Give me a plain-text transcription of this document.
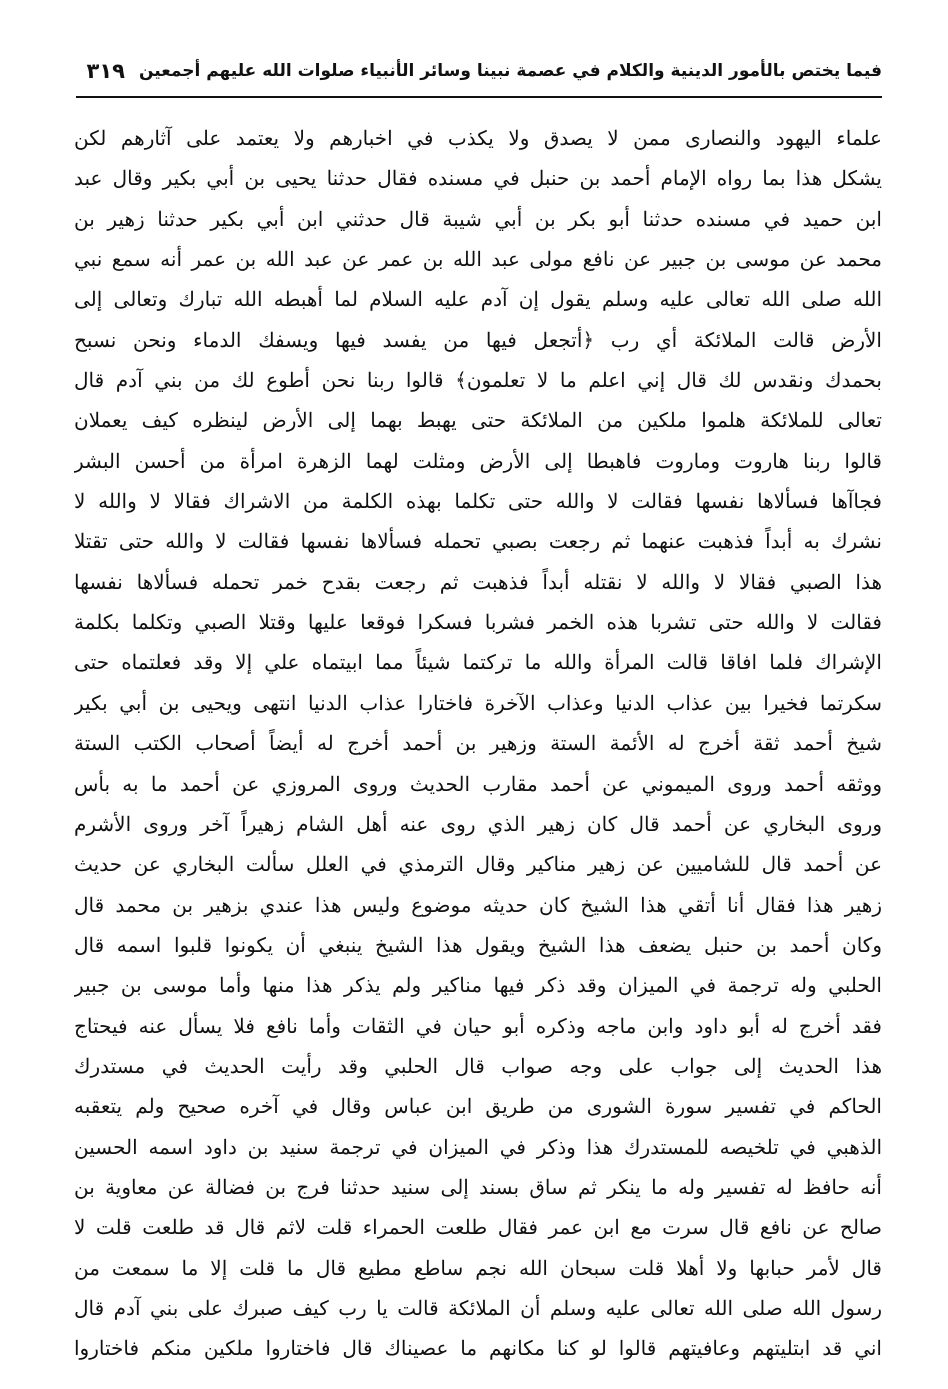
فيما يختص بالأمور الدينية والكلام في عصمة نبينا وسائر الأنبياء صلوات الله عليهم أجمعين
٣١٩
علماء اليهود والنصارى ممن لا يصدق ولا يكذب في اخبارهم ولا يعتمد على آثارهم لكن
يشكل هذا بما رواه الإمام أحمد بن حنبل في مسنده فقال حدثنا يحيى بن أبي بكير وقال عبد
ابن حميد في مسنده حدثنا أبو بكر بن أبي شيبة قال حدثني ابن أبي بكير حدثنا زهير بن
محمد عن موسى بن جبير عن نافع مولى عبد الله بن عمر عن عبد الله بن عمر أنه سمع نبي
الله صلى الله تعالى عليه وسلم يقول إن آدم عليه السلام لما أهبطه الله تبارك وتعالى إلى
الأرض قالت الملائكة أي رب ﴿أتجعل فيها من يفسد فيها ويسفك الدماء ونحن نسبح
بحمدك ونقدس لك قال إني اعلم ما لا تعلمون﴾ قالوا ربنا نحن أطوع لك من بني آدم قال
تعالى للملائكة هلموا ملكين من الملائكة حتى يهبط بهما إلى الأرض لينظره كيف يعملان
قالوا ربنا هاروت وماروت فاهبطا إلى الأرض ومثلت لهما الزهرة امرأة من أحسن البشر
فجاآها فسألاها نفسها فقالت لا والله حتى تكلما بهذه الكلمة من الاشراك فقالا لا والله لا
نشرك به أبداً فذهبت عنهما ثم رجعت بصبي تحمله فسألاها نفسها فقالت لا والله حتى تقتلا
هذا الصبي فقالا لا والله لا نقتله أبداً فذهبت ثم رجعت بقدح خمر تحمله فسألاها نفسها
فقالت لا والله حتى تشربا هذه الخمر فشربا فسكرا فوقعا عليها وقتلا الصبي وتكلما بكلمة
الإشراك فلما افاقا قالت المرأة والله ما تركتما شيئاً مما ابيتماه علي إلا وقد فعلتماه حتى
سكرتما فخيرا بين عذاب الدنيا وعذاب الآخرة فاختارا عذاب الدنيا انتهى ويحيى بن أبي بكير
شيخ أحمد ثقة أخرج له الأئمة الستة وزهير بن أحمد أخرج له أيضاً أصحاب الكتب الستة
ووثقه أحمد وروى الميموني عن أحمد مقارب الحديث وروى المروزي عن أحمد ما به بأس
وروى البخاري عن أحمد قال كان زهير الذي روى عنه أهل الشام زهيراً آخر وروى الأشرم
عن أحمد قال للشاميين عن زهير مناكير وقال الترمذي في العلل سألت البخاري عن حديث
زهير هذا فقال أنا أتقي هذا الشيخ كان حديثه موضوع وليس هذا عندي بزهير بن محمد قال
وكان أحمد بن حنبل يضعف هذا الشيخ ويقول هذا الشيخ ينبغي أن يكونوا قلبوا اسمه قال
الحلبي وله ترجمة في الميزان وقد ذكر فيها مناكير ولم يذكر هذا منها وأما موسى بن جبير
فقد أخرج له أبو داود وابن ماجه وذكره أبو حيان في الثقات وأما نافع فلا يسأل عنه فيحتاج
هذا الحديث إلى جواب على وجه صواب قال الحلبي وقد رأيت الحديث في مستدرك
الحاكم في تفسير سورة الشورى من طريق ابن عباس وقال في آخره صحيح ولم يتعقبه
الذهبي في تلخيصه للمستدرك هذا وذكر في الميزان في ترجمة سنيد بن داود اسمه الحسين
أنه حافظ له تفسير وله ما ينكر ثم ساق بسند إلى سنيد حدثنا فرج بن فضالة عن معاوية بن
صالح عن نافع قال سرت مع ابن عمر فقال طلعت الحمراء قلت لاثم قال قد طلعت قلت لا
قال لأمر حبابها ولا أهلا قلت سبحان الله نجم ساطع مطيع قال ما قلت إلا ما سمعت من
رسول الله صلى الله تعالى عليه وسلم أن الملائكة قالت يا رب كيف صبرك على بني آدم قال
اني قد ابتليتهم وعافيتهم قالوا لو كنا مكانهم ما عصيناك قال فاختاروا ملكين منكم فاختاروا
